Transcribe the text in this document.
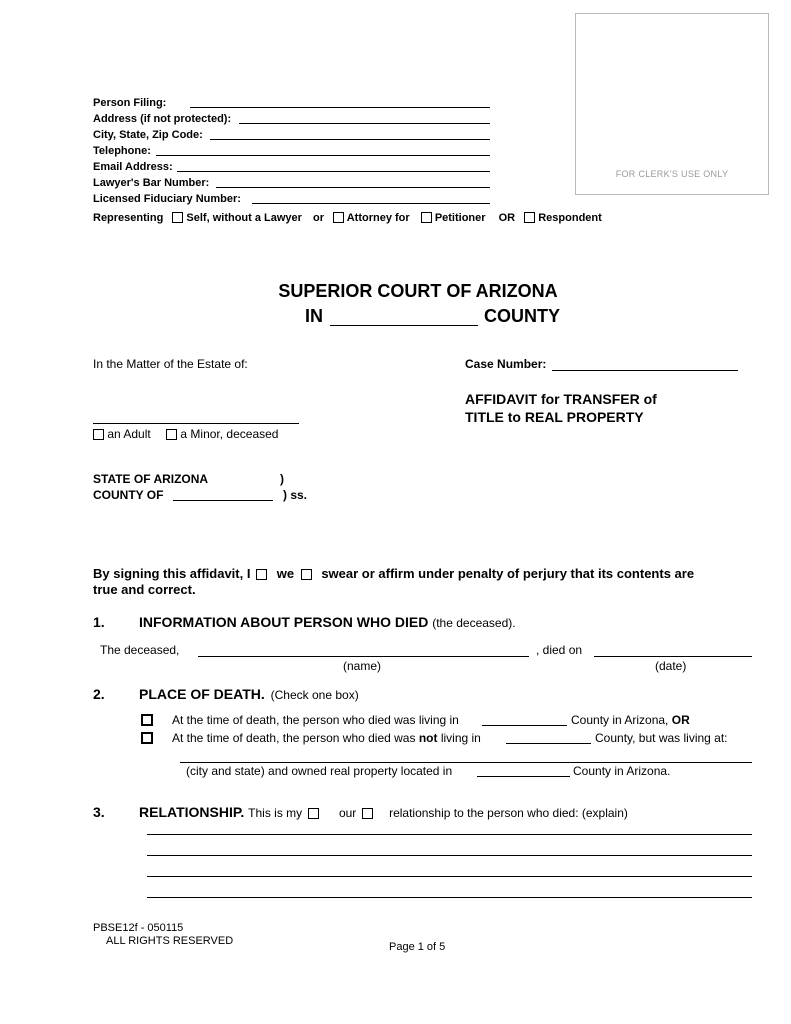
FOR CLERK'S USE ONLY
Person Filing:
Address (if not protected):
City, State, Zip Code:
Telephone:
Email Address:
Lawyer's Bar Number:
Licensed Fiduciary Number:
Representing Self, without a Lawyer or Attorney for Petitioner OR Respondent
SUPERIOR COURT OF ARIZONA
IN	COUNTY
In the Matter of the Estate of:	Case Number:
AFFIDAVIT for TRANSFER of
TITLE to REAL PROPERTY
an Adult a Minor, deceased
STATE OF ARIZONA	)
COUNTY OF	) ss.
By signing this affidavit, I we swear or affirm under penalty of perjury that its contents are
true and correct.
1. INFORMATION ABOUT PERSON WHO DIED (the deceased).
The deceased,	, died on
(name)	(date)
2. PLACE OF DEATH. (Check one box)
At the time of death, the person who died was living in	County in Arizona, OR
At the time of death, the person who died was not living in	County, but was living at:
(city and state) and owned real property located in	County in Arizona.
3. RELATIONSHIP. This is my	our	relationship to the person who died: (explain)
PBSE12f - 050115
ALL RIGHTS RESERVED	Page 1 of 5
